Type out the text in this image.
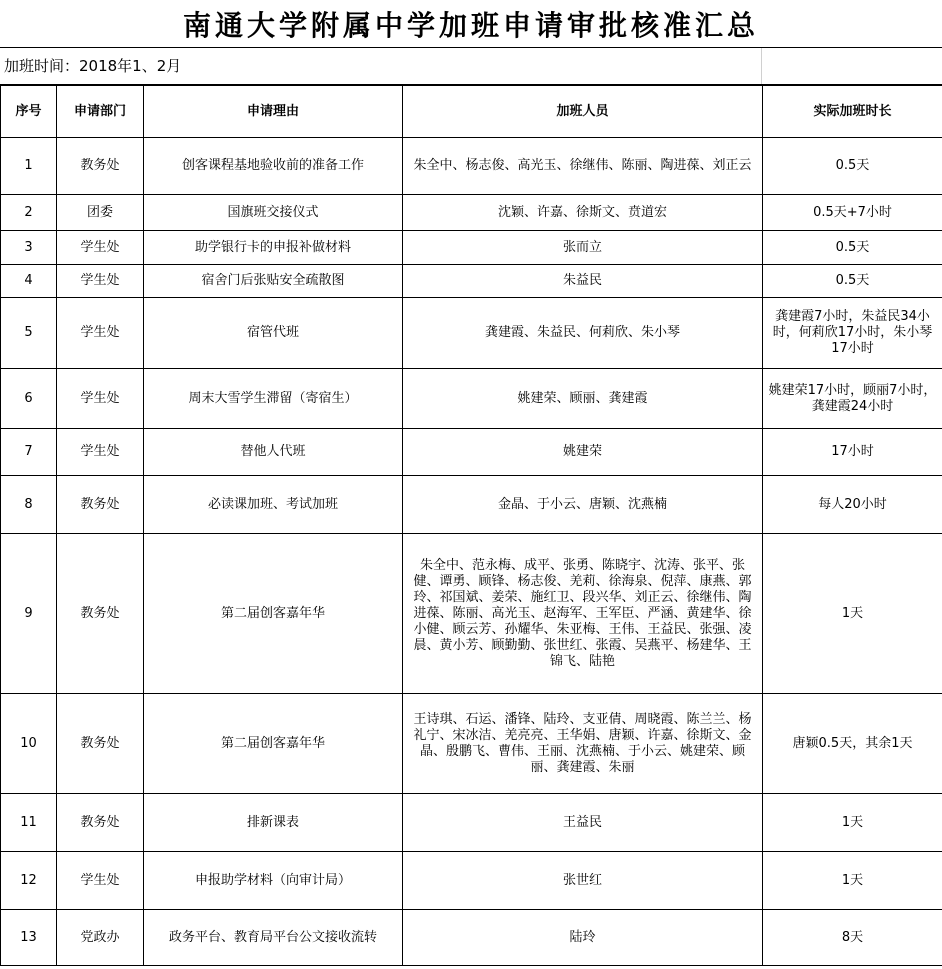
南通大学附属中学加班申请审批核准汇总
加班时间：2018年1、2月
序号	申请部门	申请理由	加班人员	实际加班时长
1	教务处	创客课程基地验收前的准备工作	朱全中、杨志俊、高光玉、徐继伟、陈丽、陶进葆、刘正云	0.5天
2	团委	国旗班交接仪式	沈颖、许嘉、徐斯文、贲道宏	0.5天+7小时
3	学生处	助学银行卡的申报补做材料	张而立	0.5天
4	学生处	宿舍门后张贴安全疏散图	朱益民	0.5天
5	学生处	宿管代班	龚建霞、朱益民、何莉欣、朱小琴	龚建霞7小时，朱益民34小时，何莉欣17小时，朱小琴17小时
6	学生处	周末大雪学生滞留（寄宿生）	姚建荣、顾丽、龚建霞	姚建荣17小时，顾丽7小时，龚建霞24小时
7	学生处	替他人代班	姚建荣	17小时
8	教务处	必读课加班、考试加班	金晶、于小云、唐颖、沈燕楠	每人20小时
9	教务处	第二届创客嘉年华	朱全中、范永梅、成平、张勇、陈晓宇、沈涛、张平、张健、谭勇、顾锋、杨志俊、羌莉、徐海泉、倪萍、康燕、郭玲、祁国斌、姜荣、施红卫、段兴华、刘正云、徐继伟、陶进葆、陈丽、高光玉、赵海军、王军臣、严涵、黄建华、徐小健、顾云芳、孙耀华、朱亚梅、王伟、王益民、张强、凌晨、黄小芳、顾勤勤、张世红、张霞、吴燕平、杨建华、王锦飞、陆艳	1天
10	教务处	第二届创客嘉年华	王诗琪、石运、潘锋、陆玲、支亚倩、周晓霞、陈兰兰、杨礼宁、宋冰洁、羌亮亮、王华娟、唐颖、许嘉、徐斯文、金晶、殷鹏飞、曹伟、王丽、沈燕楠、于小云、姚建荣、顾丽、龚建霞、朱丽	唐颖0.5天，其余1天
11	教务处	排新课表	王益民	1天
12	学生处	申报助学材料（向审计局）	张世红	1天
13	党政办	政务平台、教育局平台公文接收流转	陆玲	8天
